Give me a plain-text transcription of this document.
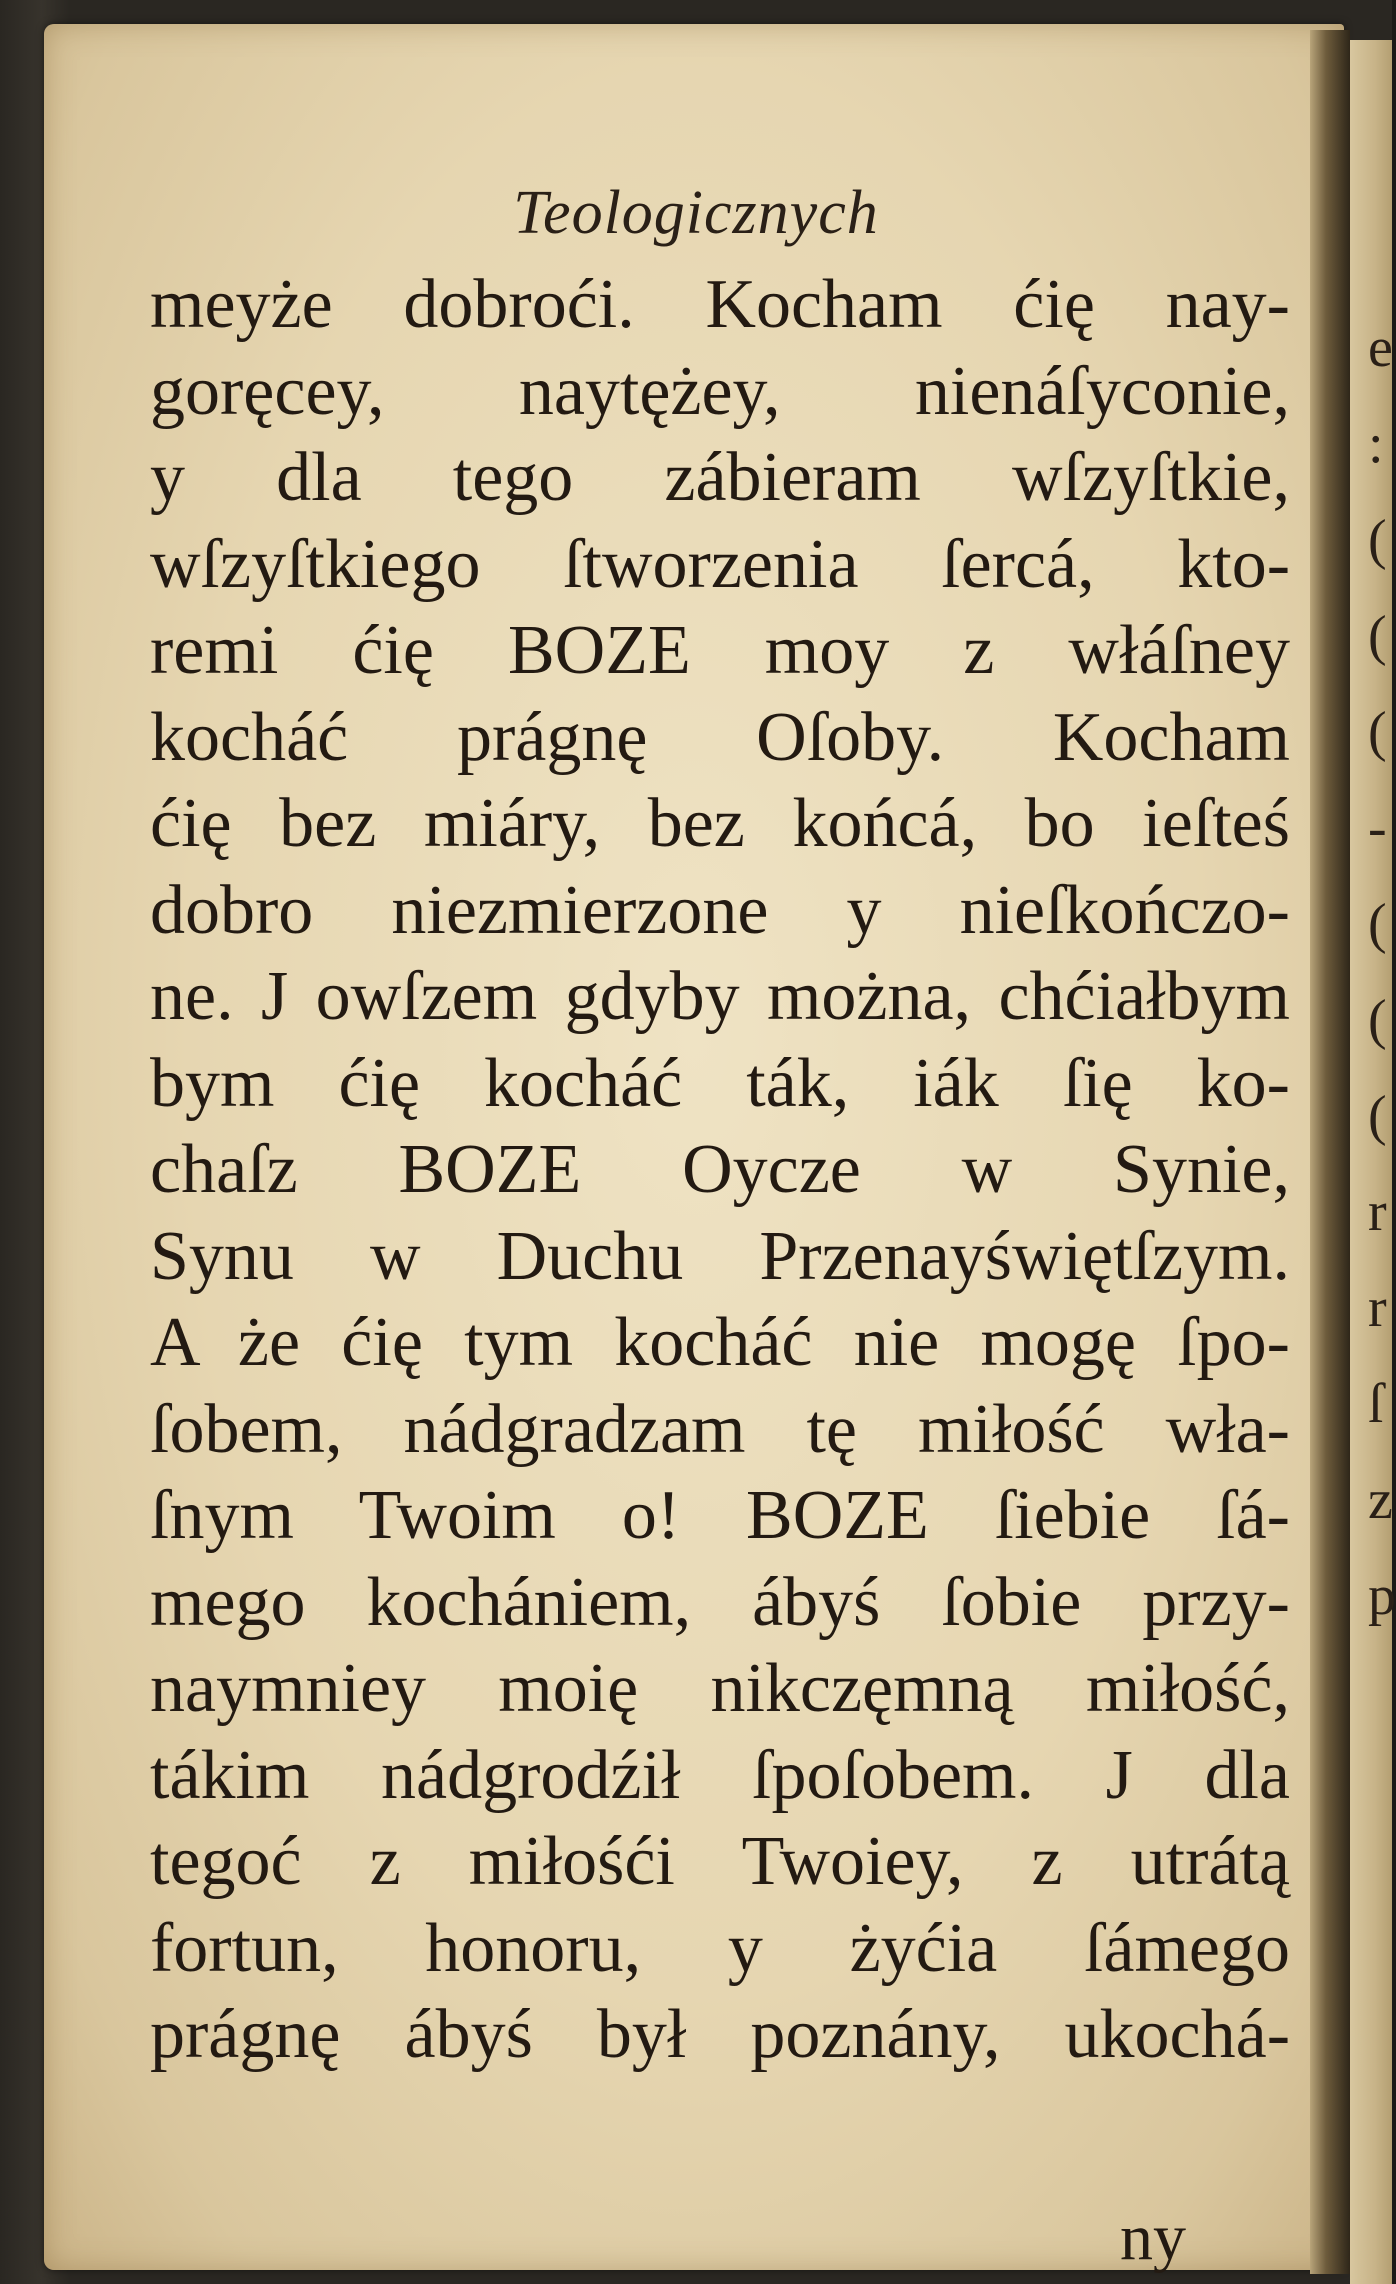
e
:
(
(
(
-
(
(
(
r
r
ſ
z
p
Teologicznych
meyże dobroći. Kocham ćię nay-
goręcey, naytężey, nienáſyconie,
y dla tego zábieram wſzyſtkie,
wſzyſtkiego ſtworzenia ſercá, kto-
remi ćię BOZE moy z włáſney
kocháć prágnę Oſoby. Kocham
ćię bez miáry, bez końcá, bo ieſteś
dobro niezmierzone y nieſkończo-
ne. J owſzem gdyby można, chćiałbym
bym ćię kocháć ták, iák ſię ko-
chaſz BOZE Oycze w Synie,
Synu w Duchu Przenayświętſzym.
A że ćię tym kocháć nie mogę ſpo-
ſobem, nádgradzam tę miłość wła-
ſnym Twoim o! BOZE ſiebie ſá-
mego kochániem, ábyś ſobie przy-
naymniey moię nikczęmną miłość,
tákim nádgrodźił ſpoſobem. J dla
tegoć z miłośći Twoiey, z utrátą
fortun, honoru, y żyćia ſámego
prágnę ábyś był poznány, ukochá-
ny
